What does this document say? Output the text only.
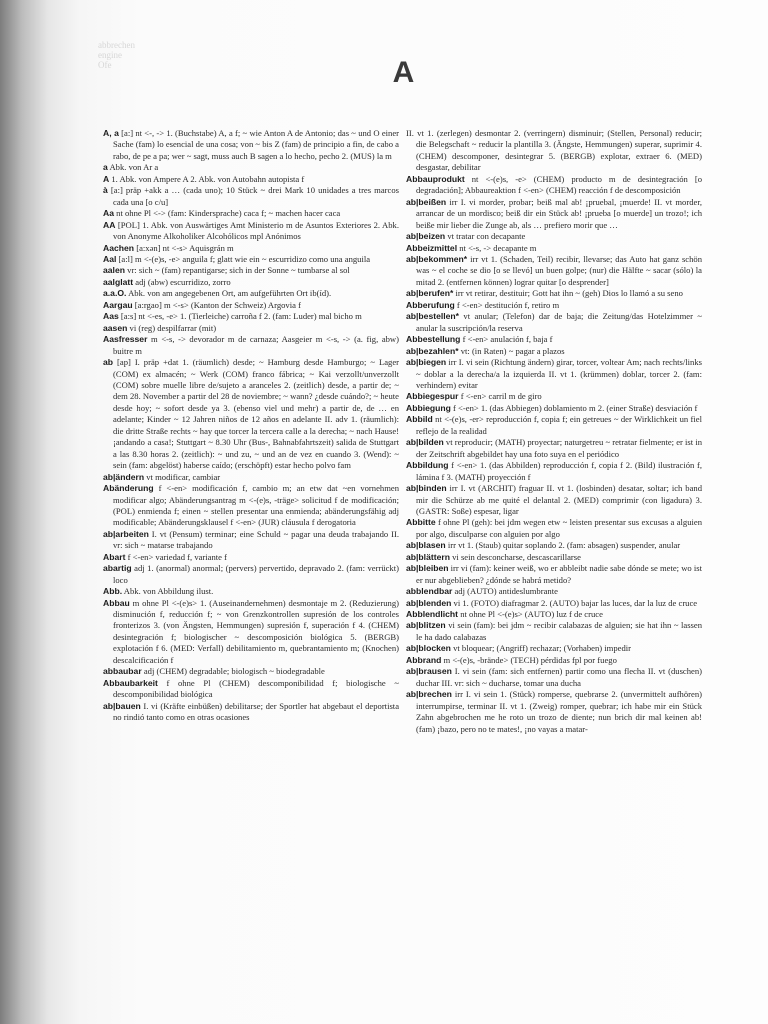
abbrechen
engine
Ofe	A

A, a [a:] nt <-, -> 1. (Buchstabe) A, a f; ~ wie Anton A de Antonio; das ~ und O einer Sache (fam) lo esencial de una cosa; von ~ bis Z (fam) de principio a fin, de cabo a rabo, de pe a pa; wer ~ sagt, muss auch B sagen a lo hecho, pecho 2. (MUS) la m

a Abk. von Ar a

A 1. Abk. von Ampere A 2. Abk. von Autobahn autopista f

à [a:] präp +akk a … (cada uno); 10 Stück ~ drei Mark 10 unidades a tres marcos cada una [o c/u]

Aa nt ohne Pl <-> (fam: Kindersprache) caca f; ~ machen hacer caca

AA [POL] 1. Abk. von Auswärtiges Amt Ministerio m de Asuntos Exteriores 2. Abk. von Anonyme Alkoholiker Alcohólicos mpl Anónimos

Aachen [a:xən] nt <-s> Aquisgrán m

Aal [a:l] m <-(e)s, -e> anguila f; glatt wie ein ~ escurridizo como una anguila

aalen vr: sich ~ (fam) repantigarse; sich in der Sonne ~ tumbarse al sol

aalglatt adj (abw) escurridizo, zorro

a.a.O. Abk. von am angegebenen Ort, am aufgeführten Ort ib(íd).

Aargau [a:rgao] m <-s> (Kanton der Schweiz) Argovia f

Aas [a:s] nt <-es, -e> 1. (Tierleiche) carroña f 2. (fam: Luder) mal bicho m

aasen vi (reg) despilfarrar (mit)

Aasfresser m <-s, -> devorador m de carnaza; Aasgeier m <-s, -> (a. fig, abw) buitre m

ab [ap] I. präp +dat 1. (räumlich) desde; ~ Hamburg desde Hamburgo; ~ Lager (COM) ex almacén; ~ Werk (COM) franco fábrica; ~ Kai verzollt/unverzollt (COM) sobre muelle libre de/sujeto a aranceles 2. (zeitlich) desde, a partir de; ~ dem 28. November a partir del 28 de noviembre; ~ wann? ¿desde cuándo?; ~ heute desde hoy; ~ sofort desde ya 3. (ebenso viel und mehr) a partir de, de … en adelante; Kinder ~ 12 Jahren niños de 12 años en adelante II. adv 1. (räumlich): die dritte Straße rechts ~ hay que torcer la tercera calle a la derecha; ~ nach Hause! ¡andando a casa!; Stuttgart ~ 8.30 Uhr (Bus-, Bahnabfahrtszeit) salida de Stuttgart a las 8.30 horas 2. (zeitlich): ~ und zu, ~ und an de vez en cuando 3. (Wend): ~ sein (fam: abgelöst) haberse caído; (erschöpft) estar hecho polvo fam

ab|ändern vt modificar, cambiar

Abänderung f <-en> modificación f, cambio m; an etw dat ~en vornehmen modificar algo; Abänderungsantrag m <-(e)s, -träge> solicitud f de modificación; (POL) enmienda f; einen ~ stellen presentar una enmienda; abänderungsfähig adj modificable; Abänderungsklausel f <-en> (JUR) cláusula f derogatoria

ab|arbeiten I. vt (Pensum) terminar; eine Schuld ~ pagar una deuda trabajando II. vr: sich ~ matarse trabajando

Abart f <-en> variedad f, variante f

abartig adj 1. (anormal) anormal; (pervers) pervertido, depravado 2. (fam: verrückt) loco

Abb. Abk. von Abbildung ilust.

Abbau m ohne Pl <-(e)s> 1. (Auseinandernehmen) desmontaje m 2. (Reduzierung) disminución f, reducción f; ~ von Grenzkontrollen supresión de los controles fronterizos 3. (von Ängsten, Hemmungen) supresión f, superación f 4. (CHEM) desintegración f; biologischer ~ descomposición biológica 5. (BERGB) explotación f 6. (MED: Verfall) debilitamiento m, quebrantamiento m; (Knochen) descalcificación f

abbaubar adj (CHEM) degradable; biologisch ~ biodegradable

Abbaubarkeit f ohne Pl (CHEM) descomponibilidad f; biologische ~ descomponibilidad biológica

ab|bauen I. vi (Kräfte einbüßen) debilitarse; der Sportler hat abgebaut el deportista no rindió tanto como en otras ocasiones

II. vt 1. (zerlegen) desmontar 2. (verringern) disminuir; (Stellen, Personal) reducir; die Belegschaft ~ reducir la plantilla 3. (Ängste, Hemmungen) superar, suprimir 4. (CHEM) descomponer, desintegrar 5. (BERGB) explotar, extraer 6. (MED) desgastar, debilitar

Abbauprodukt nt <-(e)s, -e> (CHEM) producto m de desintegración [o degradación]; Abbaureaktion f <-en> (CHEM) reacción f de descomposición

ab|beißen irr I. vi morder, probar; beiß mal ab! ¡pruebal, ¡muerde! II. vt morder, arrancar de un mordisco; beiß dir ein Stück ab! ¡prueba [o muerde] un trozo!; ich beiße mir lieber die Zunge ab, als … prefiero morir que …

ab|beizen vt tratar con decapante

Abbeizmittel nt <-s, -> decapante m

ab|bekommen* irr vt 1. (Schaden, Teil) recibir, llevarse; das Auto hat ganz schön was ~ el coche se dio [o se llevó] un buen golpe; (nur) die Hälfte ~ sacar (sólo) la mitad 2. (entfernen können) lograr quitar [o desprender]

ab|berufen* irr vt retirar, destituir; Gott hat ihn ~ (geh) Dios lo llamó a su seno

Abberufung f <-en> destitución f, retiro m

ab|bestellen* vt anular; (Telefon) dar de baja; die Zeitung/das Hotelzimmer ~ anular la suscripción/la reserva

Abbestellung f <-en> anulación f, baja f

ab|bezahlen* vt: (in Raten) ~ pagar a plazos

ab|biegen irr I. vi sein (Richtung ändern) girar, torcer, voltear Am; nach rechts/links ~ doblar a la derecha/a la izquierda II. vt 1. (krümmen) doblar, torcer 2. (fam: verhindern) evitar

Abbiegespur f <-en> carril m de giro

Abbiegung f <-en> 1. (das Abbiegen) doblamiento m 2. (einer Straße) desviación f

Abbild nt <-(e)s, -er> reproducción f, copia f; ein getreues ~ der Wirklichkeit un fiel reflejo de la realidad

ab|bilden vt reproducir; (MATH) proyectar; naturgetreu ~ retratar fielmente; er ist in der Zeitschrift abgebildet hay una foto suya en el periódico

Abbildung f <-en> 1. (das Abbilden) reproducción f, copia f 2. (Bild) ilustración f, lámina f 3. (MATH) proyección f

ab|binden irr I. vt (ARCHIT) fraguar II. vt 1. (losbinden) desatar, soltar; ich band mir die Schürze ab me quité el delantal 2. (MED) comprimir (con ligadura) 3. (GASTR: Soße) espesar, ligar

Abbitte f ohne Pl (geh): bei jdm wegen etw ~ leisten presentar sus excusas a alguien por algo, disculparse con alguien por algo

ab|blasen irr vt 1. (Staub) quitar soplando 2. (fam: absagen) suspender, anular

ab|blättern vi sein desconcharse, descascarillarse

ab|bleiben irr vi (fam): keiner weiß, wo er abbleibt nadie sabe dónde se mete; wo ist er nur abgeblieben? ¿dónde se habrá metido?

abblendbar adj (AUTO) antideslumbrante

ab|blenden vi 1. (FOTO) diafragmar 2. (AUTO) bajar las luces, dar la luz de cruce

Abblendlicht nt ohne Pl <-(e)s> (AUTO) luz f de cruce

ab|blitzen vi sein (fam): bei jdm ~ recibir calabazas de alguien; sie hat ihn ~ lassen le ha dado calabazas

ab|blocken vt bloquear; (Angriff) rechazar; (Vorhaben) impedir

Abbrand m <-(e)s, -brände> (TECH) pérdidas fpl por fuego

ab|brausen I. vi sein (fam: sich entfernen) partir como una flecha II. vt (duschen) duchar III. vr: sich ~ ducharse, tomar una ducha

ab|brechen irr I. vi sein 1. (Stück) romperse, quebrarse 2. (unvermittelt aufhören) interrumpirse, terminar II. vt 1. (Zweig) romper, quebrar; ich habe mir ein Stück Zahn abgebrochen me he roto un trozo de diente; nun brich dir mal keinen ab! (fam) ¡bazo, pero no te mates!, ¡no vayas a matar-
